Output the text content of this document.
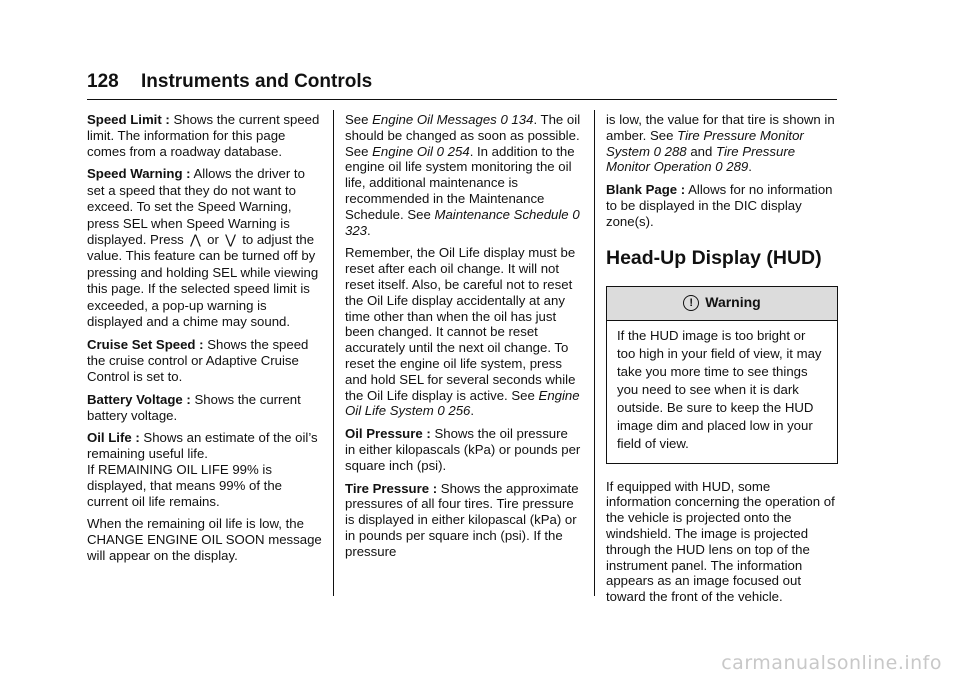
128 Instruments and Controls

Speed Limit : Shows the current speed limit. The information for this page comes from a roadway database.

Speed Warning : Allows the driver to set a speed that they do not want to exceed. To set the Speed Warning, press SEL when Speed Warning is displayed. Press ⋀ or ⋁ to adjust the value. This feature can be turned off by pressing and holding SEL while viewing this page. If the selected speed limit is exceeded, a pop-up warning is displayed and a chime may sound.

Cruise Set Speed : Shows the speed the cruise control or Adaptive Cruise Control is set to.

Battery Voltage : Shows the current battery voltage.

Oil Life : Shows an estimate of the oil’s remaining useful life.
If REMAINING OIL LIFE 99% is displayed, that means 99% of the current oil life remains.

When the remaining oil life is low, the CHANGE ENGINE OIL SOON message will appear on the display.

See Engine Oil Messages 0 134. The oil should be changed as soon as possible. See Engine Oil 0 254. In addition to the engine oil life system monitoring the oil life, additional maintenance is recommended in the Maintenance Schedule. See Maintenance Schedule 0 323.

Remember, the Oil Life display must be reset after each oil change. It will not reset itself. Also, be careful not to reset the Oil Life display accidentally at any time other than when the oil has just been changed. It cannot be reset accurately until the next oil change. To reset the engine oil life system, press and hold SEL for several seconds while the Oil Life display is active. See Engine Oil Life System 0 256.

Oil Pressure : Shows the oil pressure in either kilopascals (kPa) or pounds per square inch (psi).

Tire Pressure : Shows the approximate pressures of all four tires. Tire pressure is displayed in either kilopascal (kPa) or in pounds per square inch (psi). If the pressure

is low, the value for that tire is shown in amber. See Tire Pressure Monitor System 0 288 and Tire Pressure Monitor Operation 0 289.

Blank Page : Allows for no information to be displayed in the DIC display zone(s).

Head-Up Display (HUD)
! Warning
If the HUD image is too bright or too high in your field of view, it may take you more time to see things you need to see when it is dark outside. Be sure to keep the HUD image dim and placed low in your field of view.

If equipped with HUD, some information concerning the operation of the vehicle is projected onto the windshield. The image is projected through the HUD lens on top of the instrument panel. The information appears as an image focused out toward the front of the vehicle.

carmanualsonline.info
